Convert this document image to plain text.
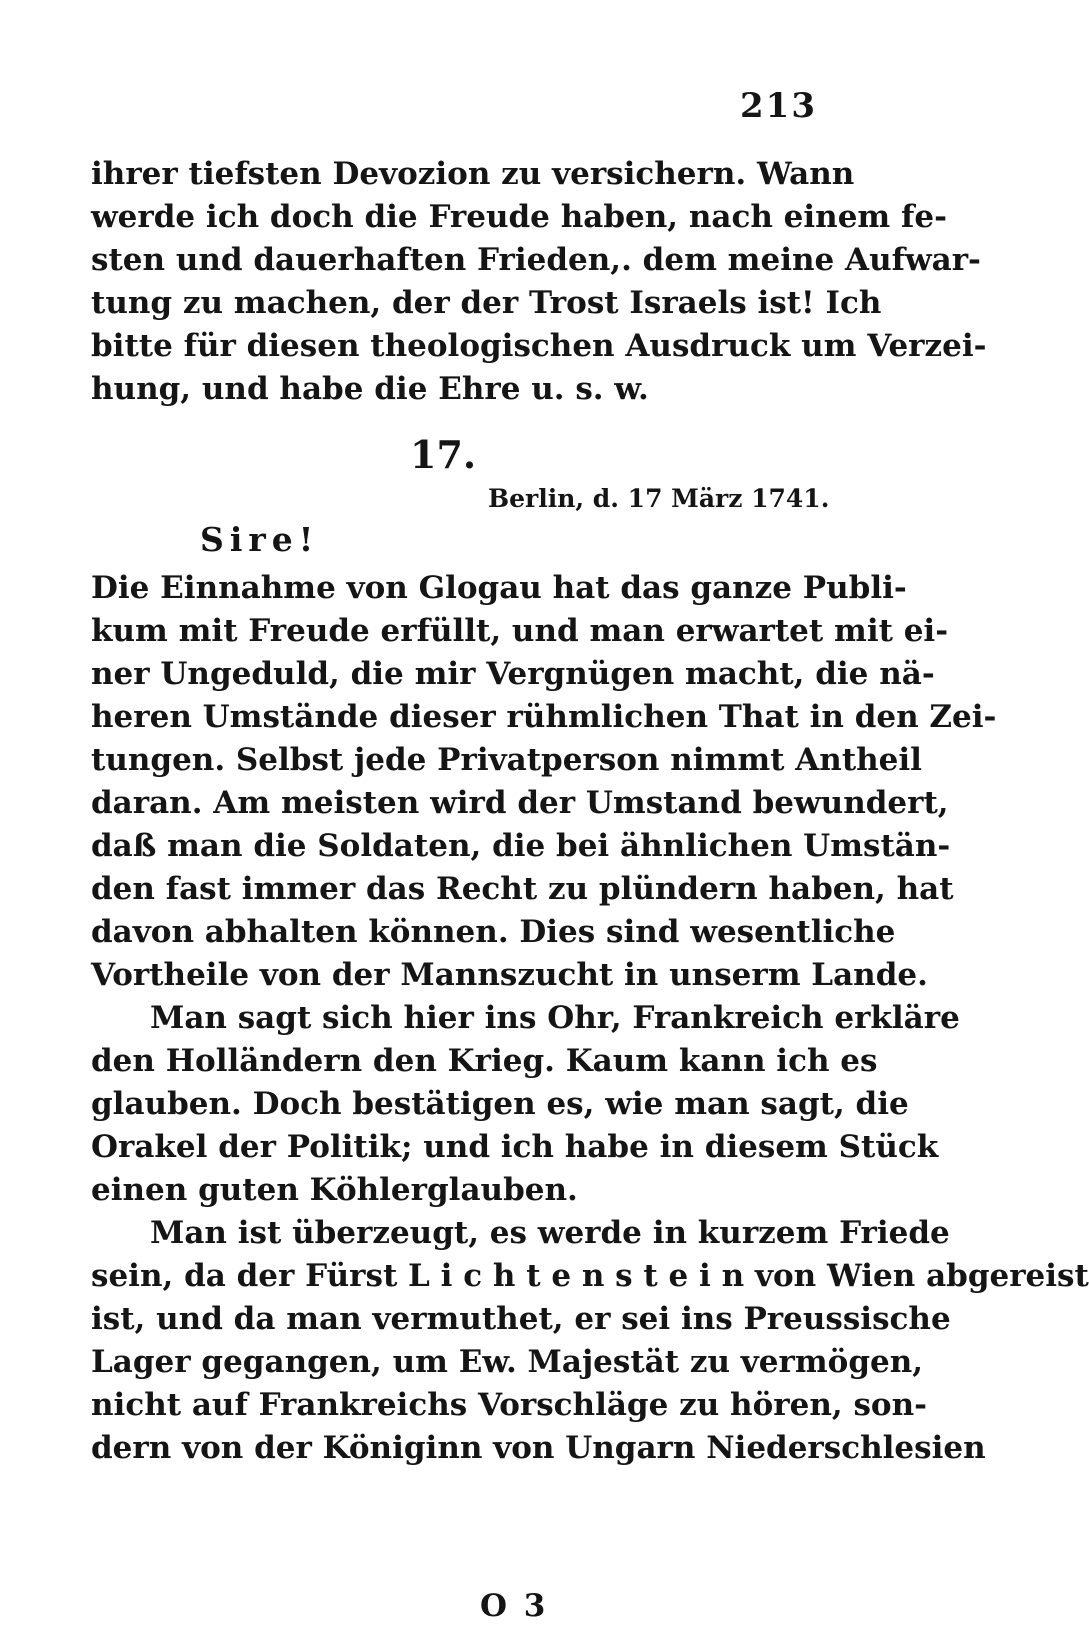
213
ihrer tiefsten Devozion zu versichern. Wann
werde ich doch die Freude haben, nach einem fe-
sten und dauerhaften Frieden,. dem meine Aufwar-
tung zu machen, der der Trost Israels ist! Ich
bitte für diesen theologischen Ausdruck um Verzei-
hung, und habe die Ehre u. s. w.
17.
Berlin, d. 17 März 1741.
Sire!
Die Einnahme von Glogau hat das ganze Publi-
kum mit Freude erfüllt, und man erwartet mit ei-
ner Ungeduld, die mir Vergnügen macht, die nä-
heren Umstände dieser rühmlichen That in den Zei-
tungen. Selbst jede Privatperson nimmt Antheil
daran. Am meisten wird der Umstand bewundert,
daß man die Soldaten, die bei ähnlichen Umstän-
den fast immer das Recht zu plündern haben, hat
davon abhalten können. Dies sind wesentliche
Vortheile von der Mannszucht in unserm Lande.
Man sagt sich hier ins Ohr, Frankreich erkläre
den Holländern den Krieg. Kaum kann ich es
glauben. Doch bestätigen es, wie man sagt, die
Orakel der Politik; und ich habe in diesem Stück
einen guten Köhlerglauben.
Man ist überzeugt, es werde in kurzem Friede
sein, da der Fürst L i c h t e n s t e i n von Wien abgereist
ist, und da man vermuthet, er sei ins Preussische
Lager gegangen, um Ew. Majestät zu vermögen,
nicht auf Frankreichs Vorschläge zu hören, son-
dern von der Königinn von Ungarn Niederschlesien
O 3
